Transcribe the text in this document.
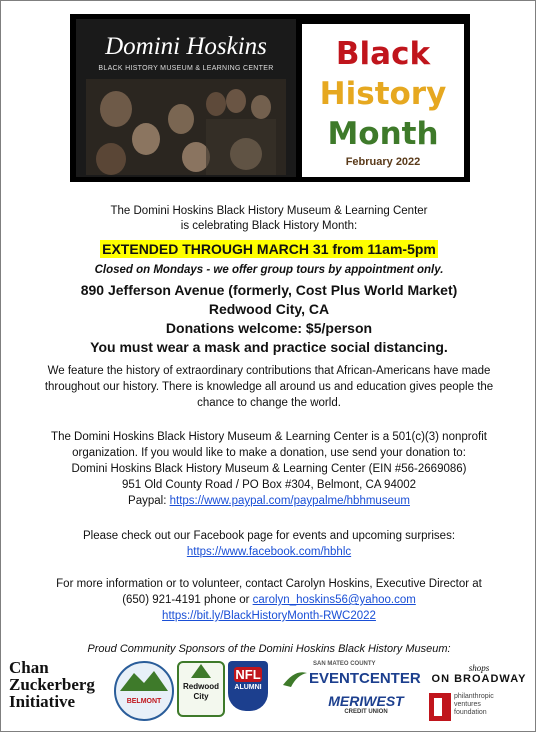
Domini Hoskins
BLACK HISTORY MUSEUM & LEARNING CENTER	Black
History
Month
February 2022
The Domini Hoskins Black History Museum & Learning Center
is celebrating Black History Month:
EXTENDED THROUGH MARCH 31 from 11am-5pm
Closed on Mondays - we offer group tours by appointment only.
890 Jefferson Avenue (formerly, Cost Plus World Market)
Redwood City, CA
Donations welcome: $5/person
You must wear a mask and practice social distancing.
We feature the history of extraordinary contributions that African-Americans have made
throughout our history. There is knowledge all around us and education gives people the
chance to change the world.
The Domini Hoskins Black History Museum & Learning Center is a 501(c)(3) nonprofit
organization. If you would like to make a donation, use send your donation to:
Domini Hoskins Black History Museum & Learning Center (EIN #56-2669086)
951 Old County Road / PO Box #304, Belmont, CA 94002
Paypal: https://www.paypal.com/paypalme/hbhmuseum
Please check out our Facebook page for events and upcoming surprises:
https://www.facebook.com/hbhlc
For more information or to volunteer, contact Carolyn Hoskins, Executive Director at
(650) 921-4191 phone or carolyn_hoskins56@yahoo.com
https://bit.ly/BlackHistoryMonth-RWC2022
Proud Community Sponsors of the Domini Hoskins Black History Museum:
Chan
Zuckerberg
Initiative	BELMONT
Redwood
City
NFL
ALUMNI
SAN MATEO COUNTY
EVENTCENTER
MERIWEST
CREDIT UNION
shops
ON BROADWAY
philanthropic
ventures
foundation
